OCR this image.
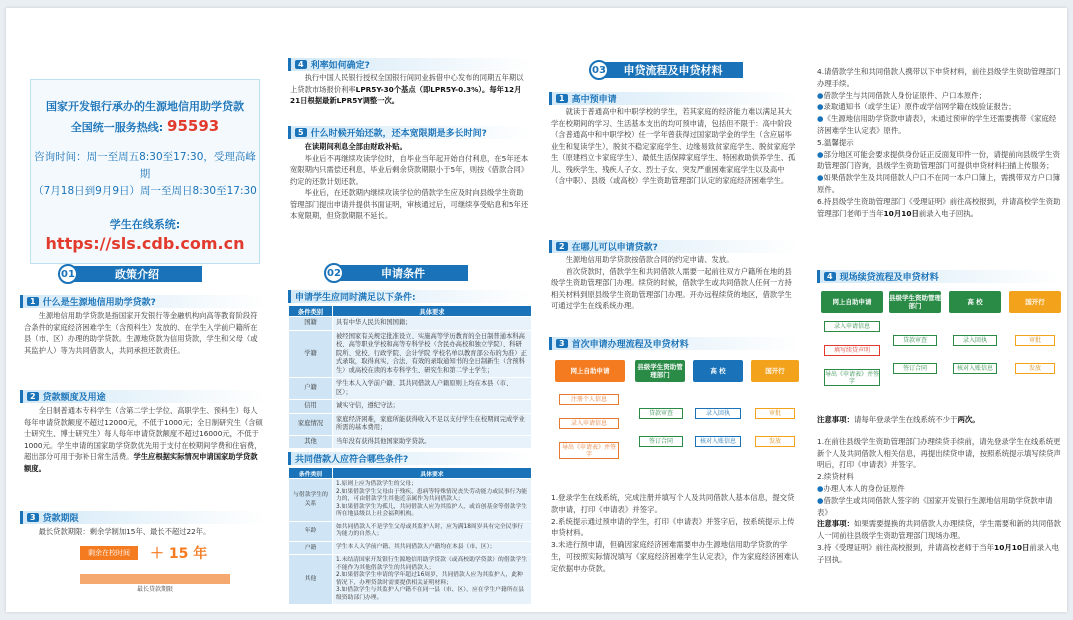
国家开发银行承办的生源地信用助学贷款
全国统一服务热线: 95593
咨询时间：周一至周五8:30至17:30，受理高峰期
（7月18日到9月9日）周一至周日8:30至17:30
学生在线系统:
https://sls.cdb.com.cn
01	政策介绍
1 什么是生源地信用助学贷款?
生源地信用助学贷款是指国家开发银行等金融机构向高等教育阶段符合条件的家庭经济困难学生（含预科生）发放的、在学生入学前户籍所在县（市、区）办理的助学贷款。生源地贷款为信用贷款，学生和父母（或其监护人）等为共同借款人，共同承担还款责任。
2 贷款额度及用途
全日制普通本专科学生（含第二学士学位、高职学生、预科生）每人每年申请贷款额度不超过12000元，不低于1000元；全日制研究生（含硕士研究生、博士研究生）每人每年申请贷款额度不超过16000元，不低于1000元。学生申请的国家助学贷款优先用于支付在校期间学费和住宿费，超出部分可用于弥补日常生活费。学生应根据实际情况申请国家助学贷款额度。
3 贷款期限
最长贷款期限：剩余学制加15年、最长不超过22年。
剩余在校时间	＋ 15 年
最长贷款期限
4 利率如何确定?
执行中国人民银行授权全国银行间同业拆借中心发布的同期五年期以上贷款市场报价利率LPR5Y-30个基点（即LPR5Y-0.3%）。每年12月21日根据最新LPR5Y调整一次。
5 什么时候开始还款，还本宽限期是多长时间?
在读期间利息全部由财政补贴。
毕业后不再继续攻读学位时，自毕业当年起开始自付利息，在5年还本宽限期内只需偿还利息，毕业后剩余贷款期限小于5年，则按《借款合同》约定的还款计划还款。
毕业后，在还款期内继续攻读学位的借款学生应及时向县级学生资助管理部门提出申请并提供书面证明，审核通过后，可继续享受贴息和5年还本宽限期，但贷款期限不延长。
02	申请条件
申请学生应同时满足以下条件:
条件类别	具体要求
国籍	具有中华人民共和国国籍；
学籍	被经国家有关规定批准设立、实施高等学历教育的全日制普通本科高校、高等职业学校和高等专科学校（含民办高校和独立学院）、科研院所、党校、行政学院、会计学院 学校名单以教育部公布的为准）正式录取，取得真实、合法、有效的录取通知书的全日制新生（含预科生）或高校在读的本专科学生、研究生和第二学士学生；
户籍	学生本人入学前户籍、其共同借款人户籍原则上均在本县（市、区）；
信用	诚实守信，遵纪守法；
家庭情况	家庭经济困难，家庭所能获得收入不足以支付学生在校期间完成学业所需的基本费用；
其他	当年没有获得其他国家助学贷款。
共同借款人应符合哪些条件?
条件类别	具体要求
与借款学生的关系	1.原则上应为借款学生的父母；
2.如果借款学生父母由于残疾、患病等特殊情况丧失劳动能力或民事行为能力的，可由借款学生其他近亲属作为共同借款人；
3.如果借款学生为孤儿，共同借款人应为其监护人，或首创基金等借款学生所在地县级以上社会福利机构。
年龄	如共同借款人不是学生父母或其监护人时，应为满18周岁具有完全民事行为能力的自然人；
户籍	学生本人入学前户籍、其共同借款人户籍均在本县（市、区）；
其他	1.未结清国家开发银行生源地信用助学贷款（或高校助学贷款）的借款学生不能作为其他借款学生的共同借款人；
2.如果借款学生申请的学年超过16周岁，共同借款人应为其监护人，此种情况下，办理贷款时需要提供相关证明材料；
3.如借款学生与其监护人户籍不在同一县（市、区），应在学生户籍所在县级资助部门办理。
03	申贷流程及申贷材料
1 高中预申请
就读于普通高中和中职学校的学生，若其家庭的经济能力难以满足其大学在校期间的学习、生活基本支出的均可预申请，包括但不限于：高中阶段（含普通高中和中职学校）任一学年曾获得过国家助学金的学生（含应届毕业生和复读学生），脱贫不稳定家庭学生、边缘易致贫家庭学生、脱贫家庭学生（原建档立卡家庭学生）、最低生活保障家庭学生、特困救助供养学生、孤儿、残疾学生、残疾人子女、烈士子女、突发严重困难家庭学生以及高中（含中职）、县级（或高校）学生资助管理部门认定的家庭经济困难学生。
2 在哪儿可以申请贷款?
生源地信用助学贷款按借款合同的约定申请、发放。
首次贷款时，借款学生和共同借款人需要一起前往双方户籍所在地的县级学生资助管理部门办理。续贷的时候，借款学生或共同借款人任何一方持相关材料到原县级学生资助管理部门办理。开办远程续贷的地区，借款学生可通过学生在线系统办理。
3 首次申请办理流程及申贷材料
网上自助申请	县级学生资助管理部门	高 校	国开行
注册个人信息
录入申请信息
导出《申请表》并签字
贷款审查
签订合同
录入回执
核对入账信息
审批
发放
1.登录学生在线系统，完成注册并填写个人及共同借款人基本信息，提交贷款申请，打印《申请表》并签字。
2.系统提示通过预申请的学生，打印《申请表》并签字后，按系统提示上传申贷材料。
3.未进行预申请，但确因家庭经济困难需要申办生源地信用助学贷款的学生，可按照实际情况填写《家庭经济困难学生认定表》，作为家庭经济困难认定依据申办贷款。
4.请借款学生和共同借款人携带以下申贷材料，前往县级学生资助管理部门办理手续。
●借款学生与共同借款人身份证原件、户口本原件；
●录取通知书（或学生证）原件或学信网学籍在线验证报告；
●《生源地信用助学贷款申请表》，未通过预审的学生还需要携带《家庭经济困难学生认定表》原件。
5.温馨提示
●部分地区可能会要求提供身份证正反面复印件一份，请提前向县级学生资助管理部门咨询，县级学生资助管理部门可提供申贷材料扫描上传服务；
●如果借款学生及共同借款人户口不在同一本户口簿上，需携带双方户口簿原件。
6.持县级学生资助管理部门《受理证明》前往高校报到，并请高校学生资助管理部门老师于当年10月10日前录入电子回执。
4 现场续贷流程及申贷材料
网上自助申请	县级学生资助管理部门	高 校	国开行
录入申请信息
填写续贷声明
导出《申请表》并签字
贷款审查
签订合同
录入回执
核对入账信息
审批
发放
注意事项：请每年登录学生在线系统不少于两次。
1.在前往县级学生资助管理部门办理续贷手续前，请先登录学生在线系统更新个人及共同借款人相关信息，再提出续贷申请，按照系统提示填写续贷声明后，打印《申请表》并签字。
2.续贷材料
●办理人本人的身份证原件
●借款学生或共同借款人签字的《国家开发银行生源地信用助学贷款申请表》
注意事项：如果需要提换的共同借款人办理续贷，学生需要和新的共同借款人一同前往县级学生资助管理部门现场办理。
3.持《受理证明》前往高校报到，并请高校老师于当年10月10日前录入电子回执。
